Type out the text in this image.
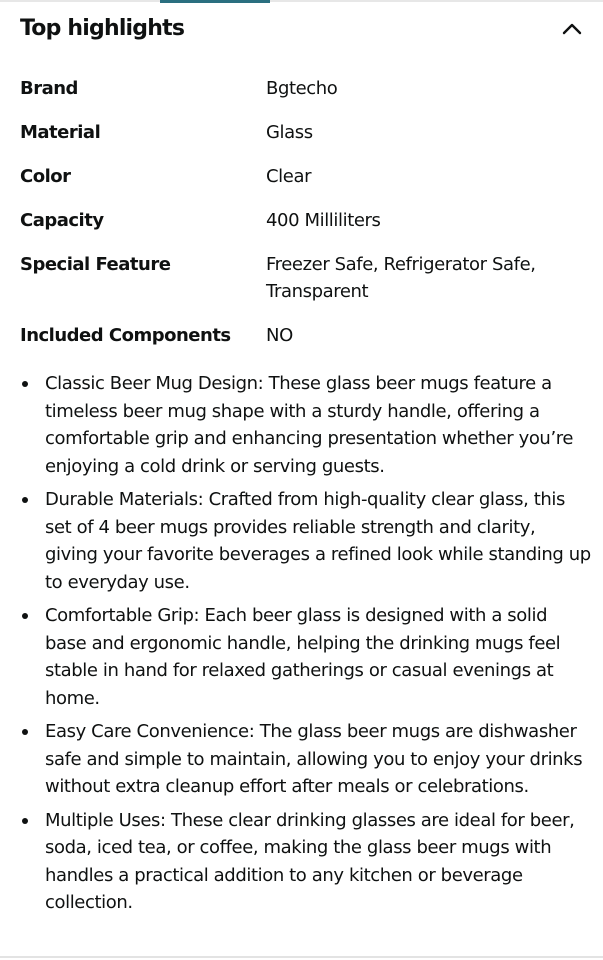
Top highlights
Brand	Bgtecho
Material	Glass
Color	Clear
Capacity	400 Milliliters
Special Feature	Freezer Safe, Refrigerator Safe, Transparent
Included Components	NO
Classic Beer Mug Design: These glass beer mugs feature a timeless beer mug shape with a sturdy handle, offering a comfortable grip and enhancing presentation whether you’re enjoying a cold drink or serving guests.
Durable Materials: Crafted from high-quality clear glass, this set of 4 beer mugs provides reliable strength and clarity, giving your favorite beverages a refined look while standing up to everyday use.
Comfortable Grip: Each beer glass is designed with a solid base and ergonomic handle, helping the drinking mugs feel stable in hand for relaxed gatherings or casual evenings at home.
Easy Care Convenience: The glass beer mugs are dishwasher safe and simple to maintain, allowing you to enjoy your drinks without extra cleanup effort after meals or celebrations.
Multiple Uses: These clear drinking glasses are ideal for beer, soda, iced tea, or coffee, making the glass beer mugs with handles a practical addition to any kitchen or beverage collection.
